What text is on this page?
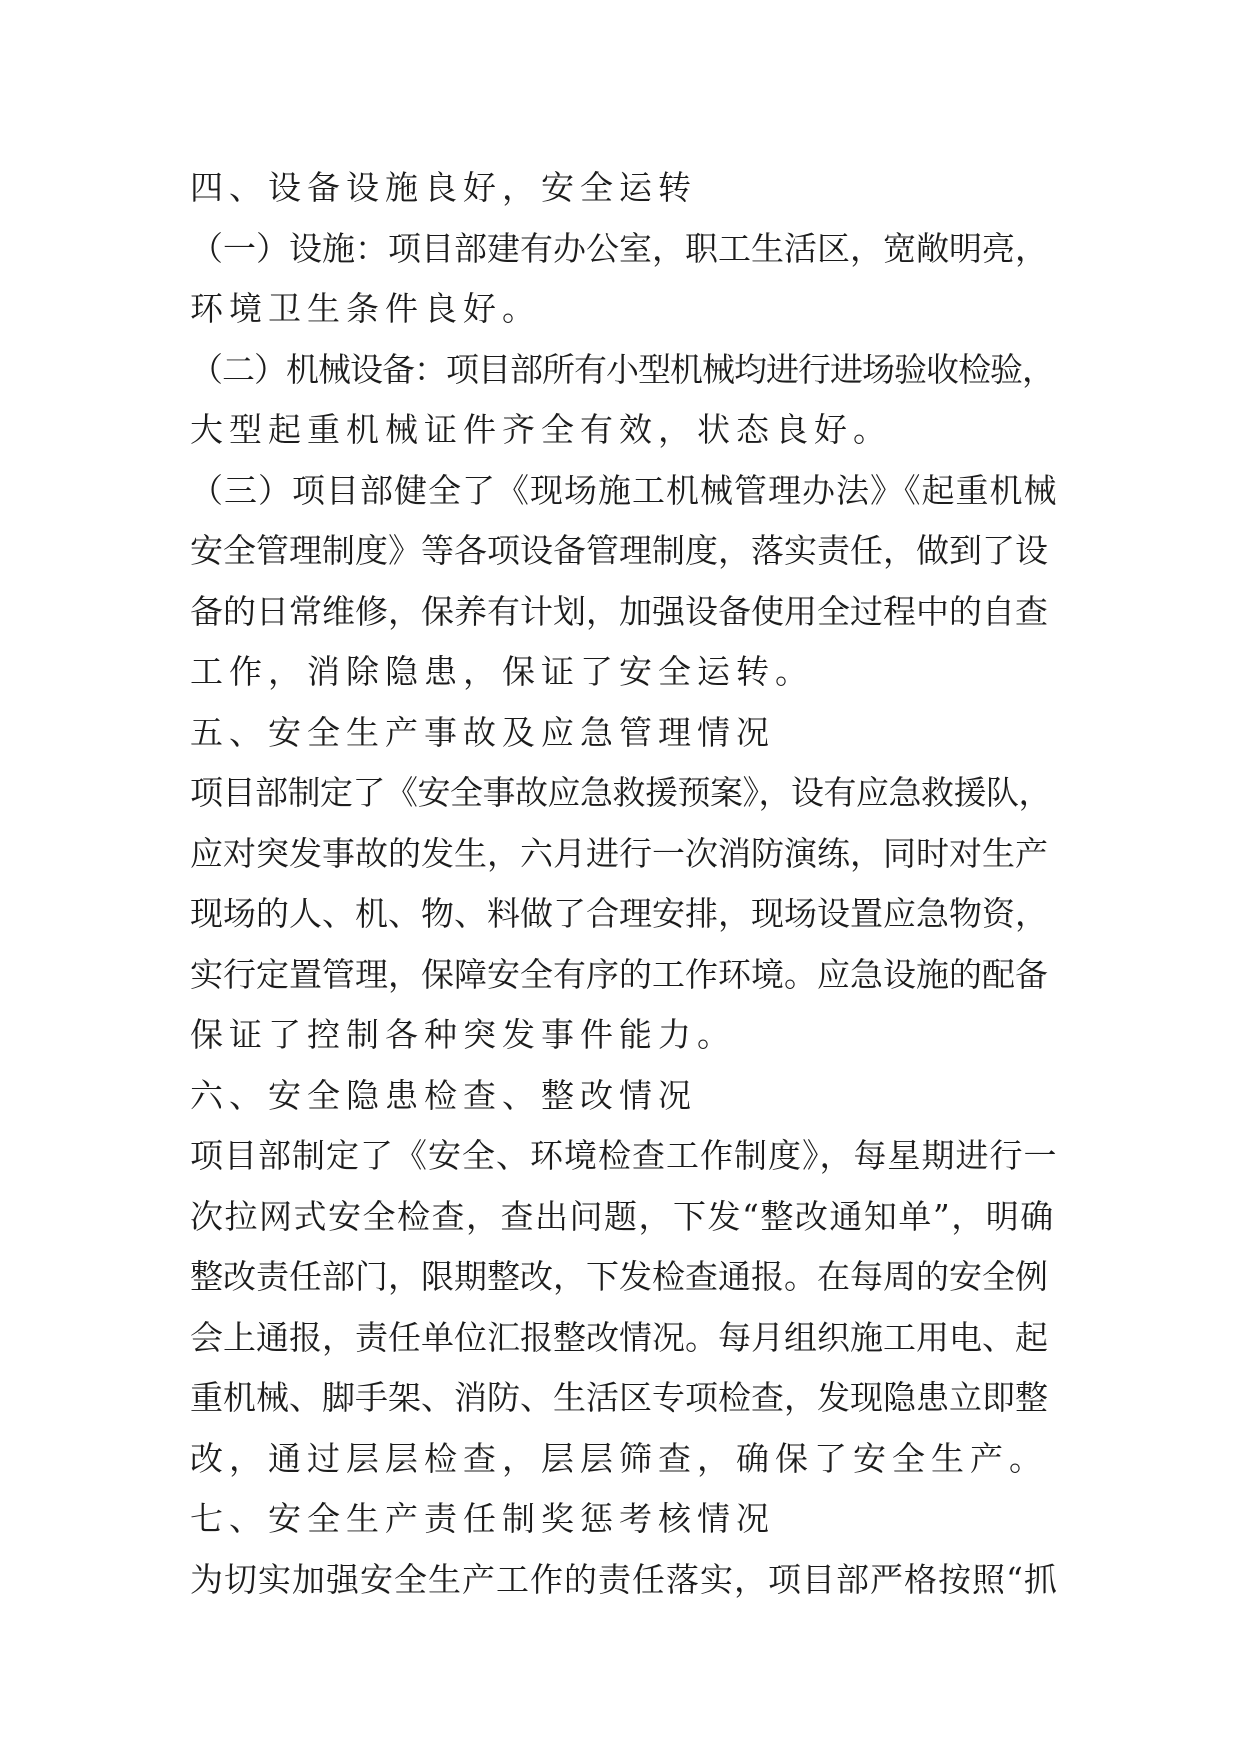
四、设备设施良好，安全运转

（一）设施：项目部建有办公室，职工生活区，宽敞明亮，

环境卫生条件良好。

（二）机械设备：项目部所有小型机械均进行进场验收检验，

大型起重机械证件齐全有效，状态良好。

（三）项目部健全了《现场施工机械管理办法》《起重机械

安全管理制度》等各项设备管理制度，落实责任，做到了设

备的日常维修，保养有计划，加强设备使用全过程中的自查

工作，消除隐患，保证了安全运转。

五、安全生产事故及应急管理情况

项目部制定了《安全事故应急救援预案》，设有应急救援队，

应对突发事故的发生，六月进行一次消防演练，同时对生产

现场的人、机、物、料做了合理安排，现场设置应急物资，

实行定置管理，保障安全有序的工作环境。应急设施的配备

保证了控制各种突发事件能力。

六、安全隐患检查、整改情况

项目部制定了《安全、环境检查工作制度》，每星期进行一

次拉网式安全检查，查出问题，下发“整改通知单”，明确

整改责任部门，限期整改，下发检查通报。在每周的安全例

会上通报，责任单位汇报整改情况。每月组织施工用电、起

重机械、脚手架、消防、生活区专项检查，发现隐患立即整

改，通过层层检查，层层筛查，确保了安全生产。

七、安全生产责任制奖惩考核情况

为切实加强安全生产工作的责任落实，项目部严格按照“抓
